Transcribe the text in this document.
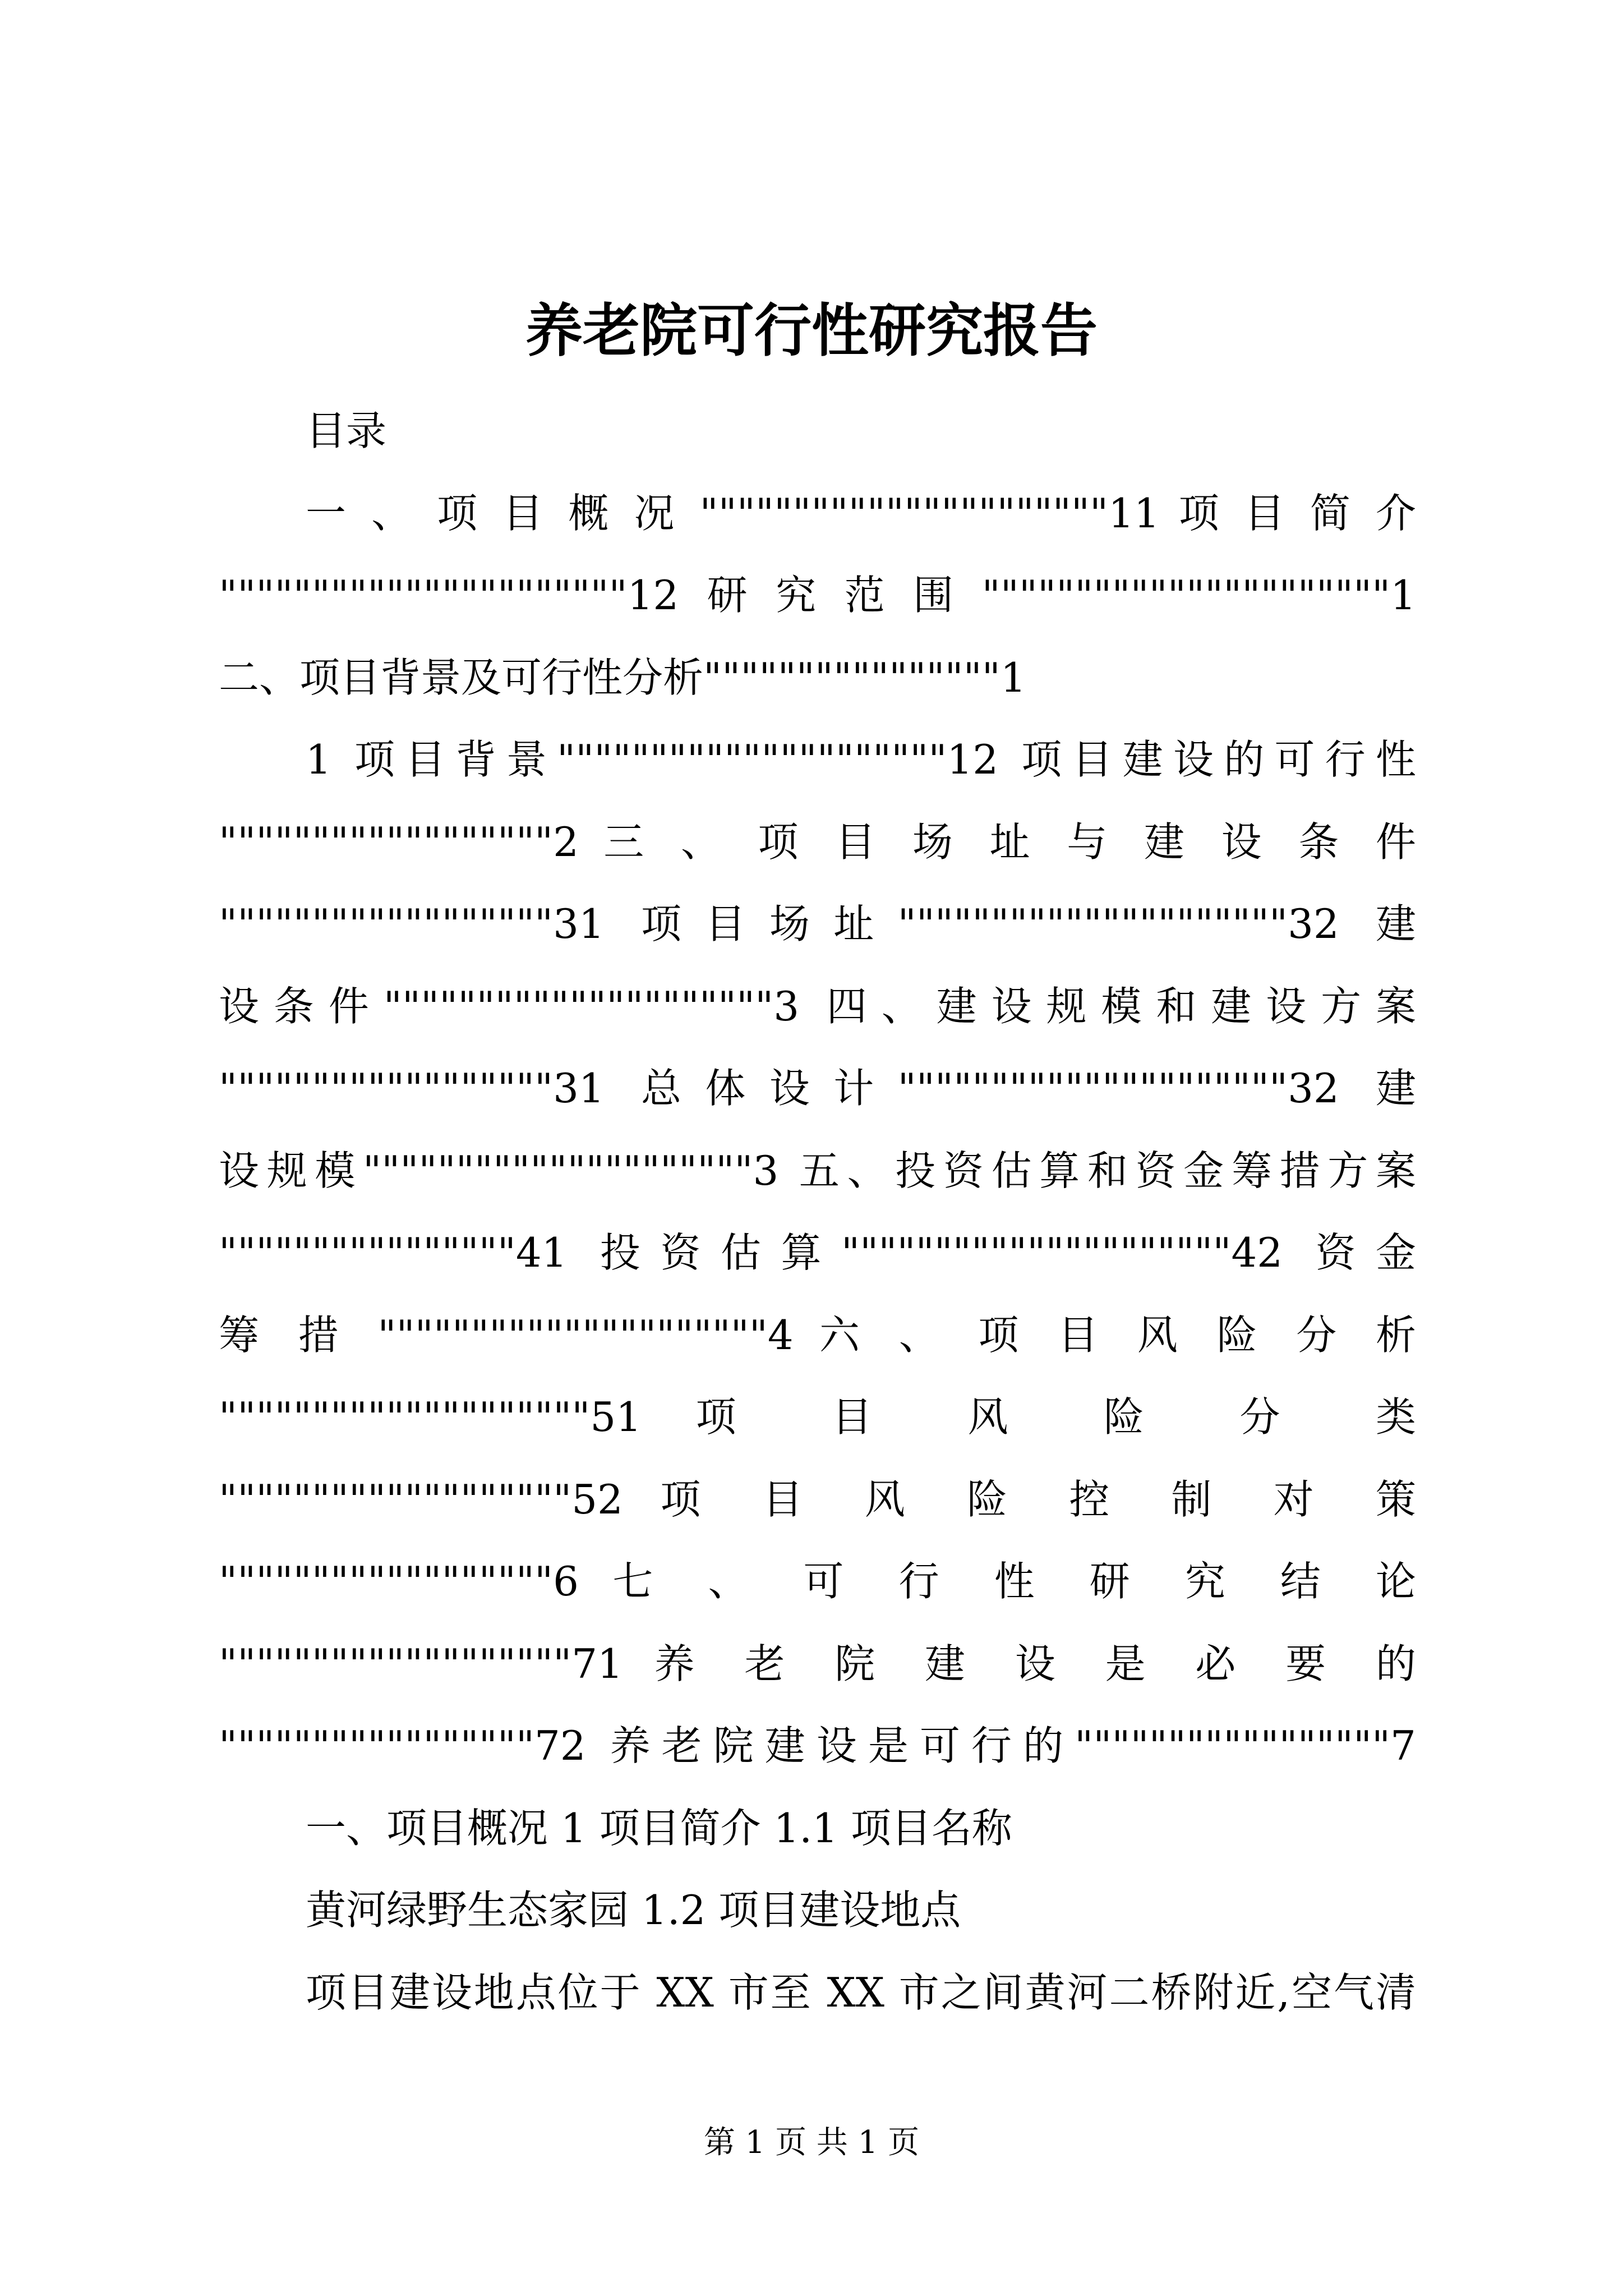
养老院可行性研究报告
目录
一 、 项 目 概 况 """"""""""""""""""""""11 项 目 简 介
""""""""""""""""""""""12研究范围""""""""""""""""""""""1
二、项目背景及可行性分析""""""""""""""""1
1 项目背景"""""""""""""""""""""12 项目建设的可行性
""""""""""""""""""2 三 、 项 目 场 址 与 建 设 条 件
""""""""""""""""""31 项目场址"""""""""""""""""""""32 建
设条件"""""""""""""""""""""3 四、建设规模和建设方案
""""""""""""""""""31 总体设计"""""""""""""""""""""32 建
设规模"""""""""""""""""""""3 五、投资估算和资金筹措方案
""""""""""""""""41 投资估算"""""""""""""""""""""42 资金
筹 措 """""""""""""""""""""4 六 、 项 目 风 险 分 析
""""""""""""""""""""51 项 目 风 险 分 类
"""""""""""""""""""52 项 目 风 险 控 制 对 策
""""""""""""""""""6 七 、 可 行 性 研 究 结 论
"""""""""""""""""""71 养 老 院 建 设 是 必 要 的
"""""""""""""""""72 养老院建设是可行的"""""""""""""""""7
一、项目概况 1 项目简介 1.1 项目名称
黄河绿野生态家园 1.2 项目建设地点
项目建设地点位于 XX 市至 XX 市之间黄河二桥附近,空气清
第 1 页 共 1 页
